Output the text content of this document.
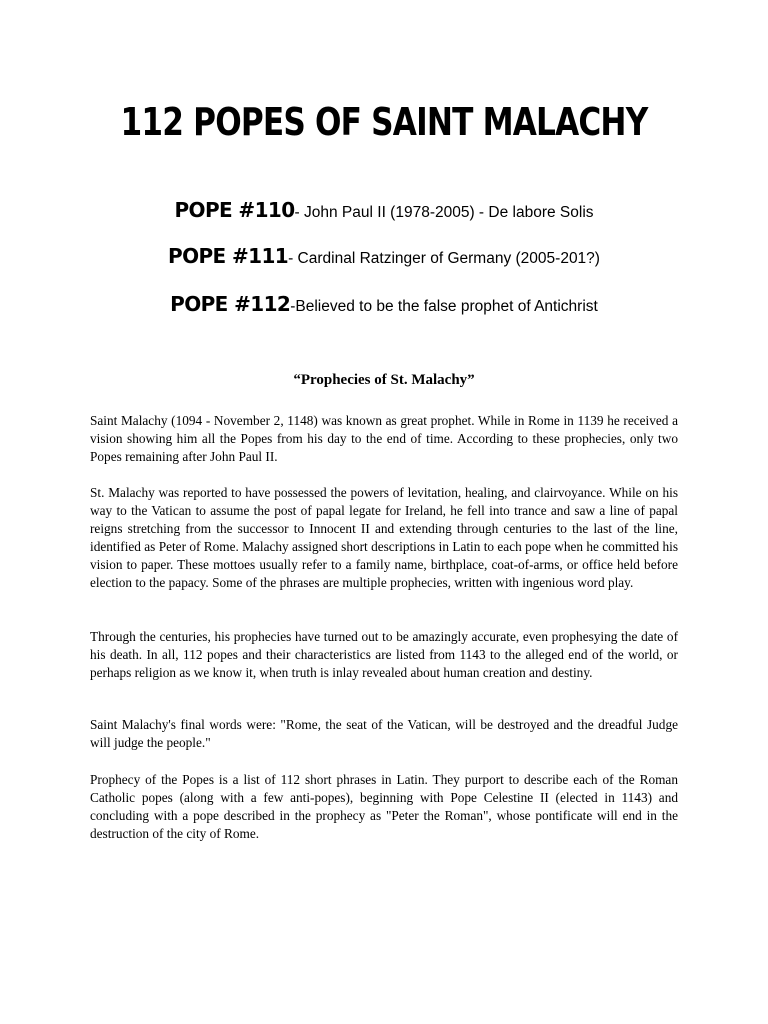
112 POPES OF SAINT MALACHY

POPE #110- John Paul II (1978-2005) - De labore Solis

POPE #111- Cardinal Ratzinger of Germany (2005-201?)

POPE #112-Believed to be the false prophet of Antichrist

“Prophecies of St. Malachy”

Saint Malachy (1094 - November 2, 1148) was known as great prophet. While in Rome in 1139 he received a vision showing him all the Popes from his day to the end of time. According to these prophecies, only two Popes remaining after John Paul II.

St. Malachy was reported to have possessed the powers of levitation, healing, and clairvoyance. While on his way to the Vatican to assume the post of papal legate for Ireland, he fell into trance and saw a line of papal reigns stretching from the successor to Innocent II and extending through centuries to the last of the line, identified as Peter of Rome. Malachy assigned short descriptions in Latin to each pope when he committed his vision to paper. These mottoes usually refer to a family name, birthplace, coat-of-arms, or office held before election to the papacy. Some of the phrases are multiple prophecies, written with ingenious word play.

Through the centuries, his prophecies have turned out to be amazingly accurate, even prophesying the date of his death. In all, 112 popes and their characteristics are listed from 1143 to the alleged end of the world, or perhaps religion as we know it, when truth is inlay revealed about human creation and destiny.

Saint Malachy's final words were: "Rome, the seat of the Vatican, will be destroyed and the dreadful Judge will judge the people."

Prophecy of the Popes is a list of 112 short phrases in Latin. They purport to describe each of the Roman Catholic popes (along with a few anti-popes), beginning with Pope Celestine II (elected in 1143) and concluding with a pope described in the prophecy as "Peter the Roman", whose pontificate will end in the destruction of the city of Rome.
